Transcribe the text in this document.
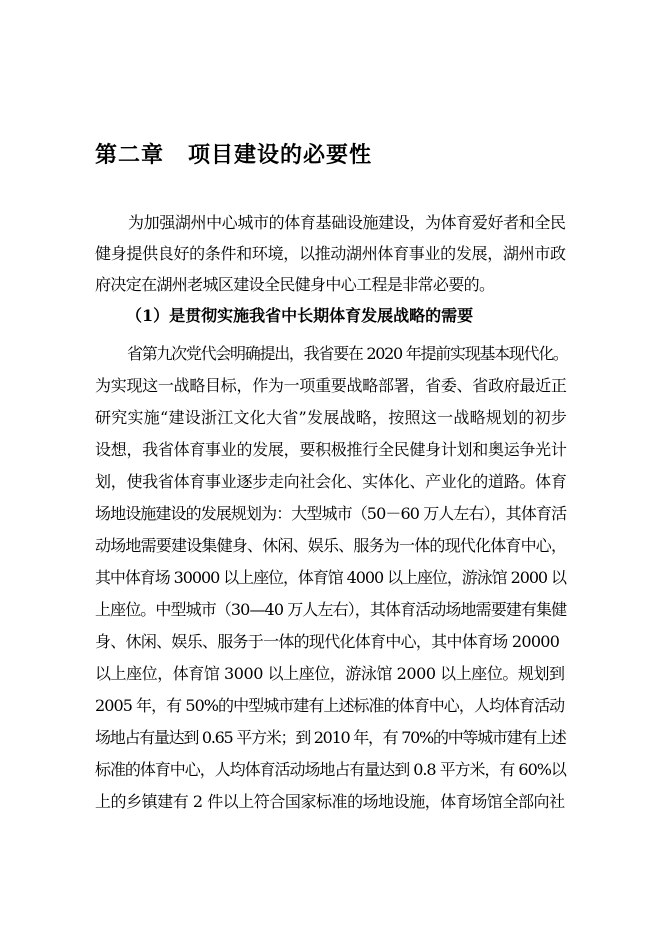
第二章 项目建设的必要性

为加强湖州中心城市的体育基础设施建设，为体育爱好者和全民

健身提供良好的条件和环境，以推动湖州体育事业的发展，湖州市政

府决定在湖州老城区建设全民健身中心工程是非常必要的。

（1）是贯彻实施我省中长期体育发展战略的需要

省第九次党代会明确提出，我省要在 2020 年提前实现基本现代化。

为实现这一战略目标，作为一项重要战略部署，省委、省政府最近正

研究实施“建设浙江文化大省”发展战略，按照这一战略规划的初步

设想，我省体育事业的发展，要积极推行全民健身计划和奥运争光计

划，使我省体育事业逐步走向社会化、实体化、产业化的道路。体育

场地设施建设的发展规划为：大型城市（50－60 万人左右），其体育活

动场地需要建设集健身、休闲、娱乐、服务为一体的现代化体育中心，

其中体育场 30000 以上座位，体育馆 4000 以上座位，游泳馆 2000 以

上座位。中型城市（30—40 万人左右），其体育活动场地需要建有集健

身、休闲、娱乐、服务于一体的现代化体育中心，其中体育场 20000

以上座位，体育馆 3000 以上座位，游泳馆 2000 以上座位。规划到

2005 年，有 50%的中型城市建有上述标准的体育中心，人均体育活动

场地占有量达到 0.65 平方米；到 2010 年，有 70%的中等城市建有上述

标准的体育中心，人均体育活动场地占有量达到 0.8 平方米，有 60%以

上的乡镇建有 2 件以上符合国家标准的场地设施，体育场馆全部向社
